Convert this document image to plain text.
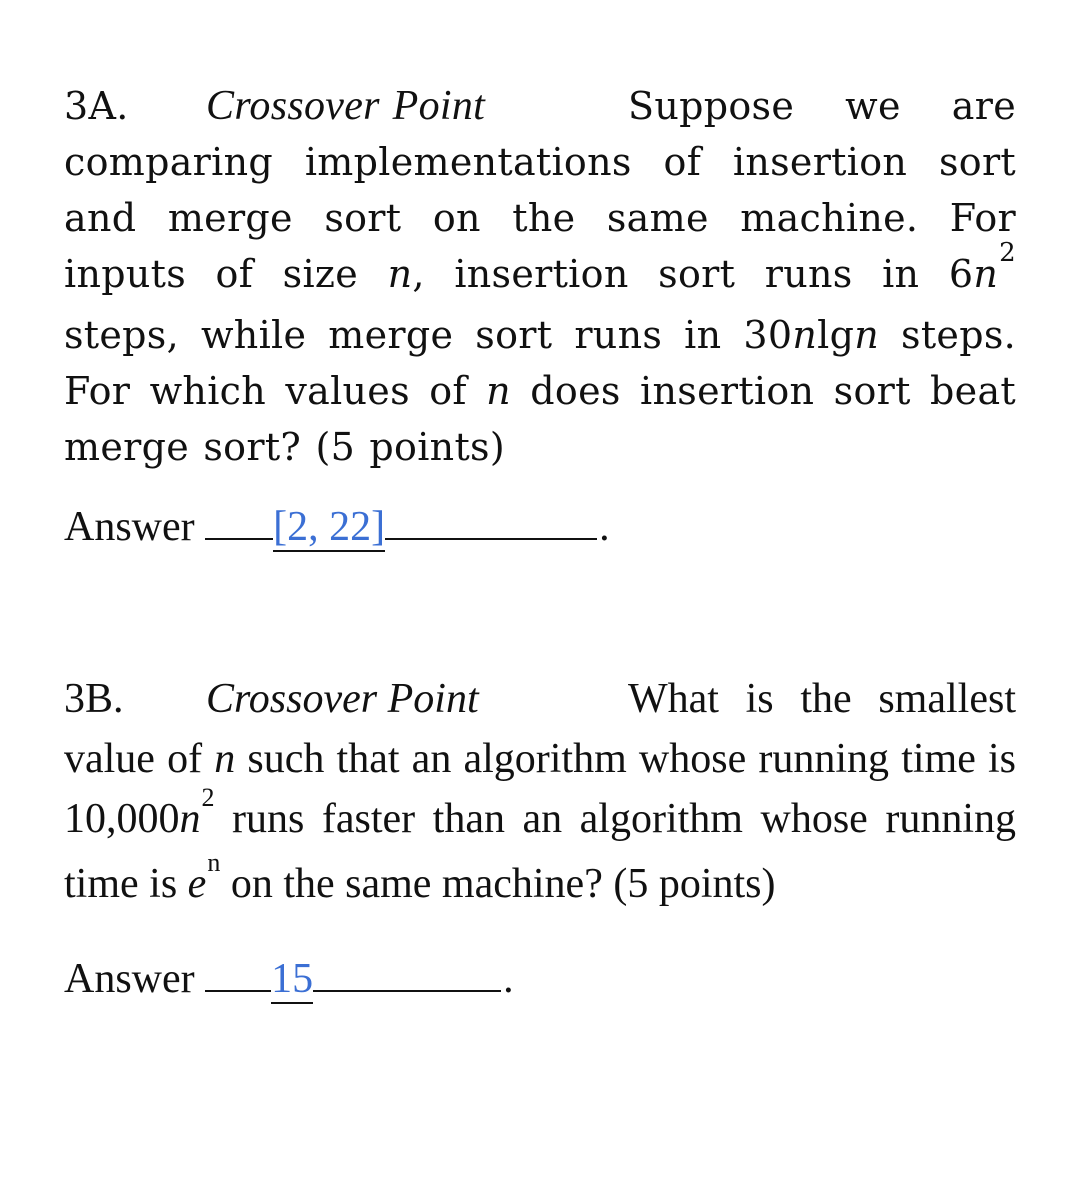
3A. Crossover Point	Suppose we are comparing implementations of insertion sort and merge sort on the same machine. For inputs of size n, insertion sort runs in $6n^2$ steps, while merge sort runs in 30nlgn steps. For which values of n does insertion sort beat merge sort? (5 points)
Answer [2, 22]	.
3B. Crossover Point	What is the smallest value of n such that an algorithm whose running time is $10,000n^2$ runs faster than an algorithm whose running time is $e^n$ on the same machine? (5 points)
Answer 15	.
